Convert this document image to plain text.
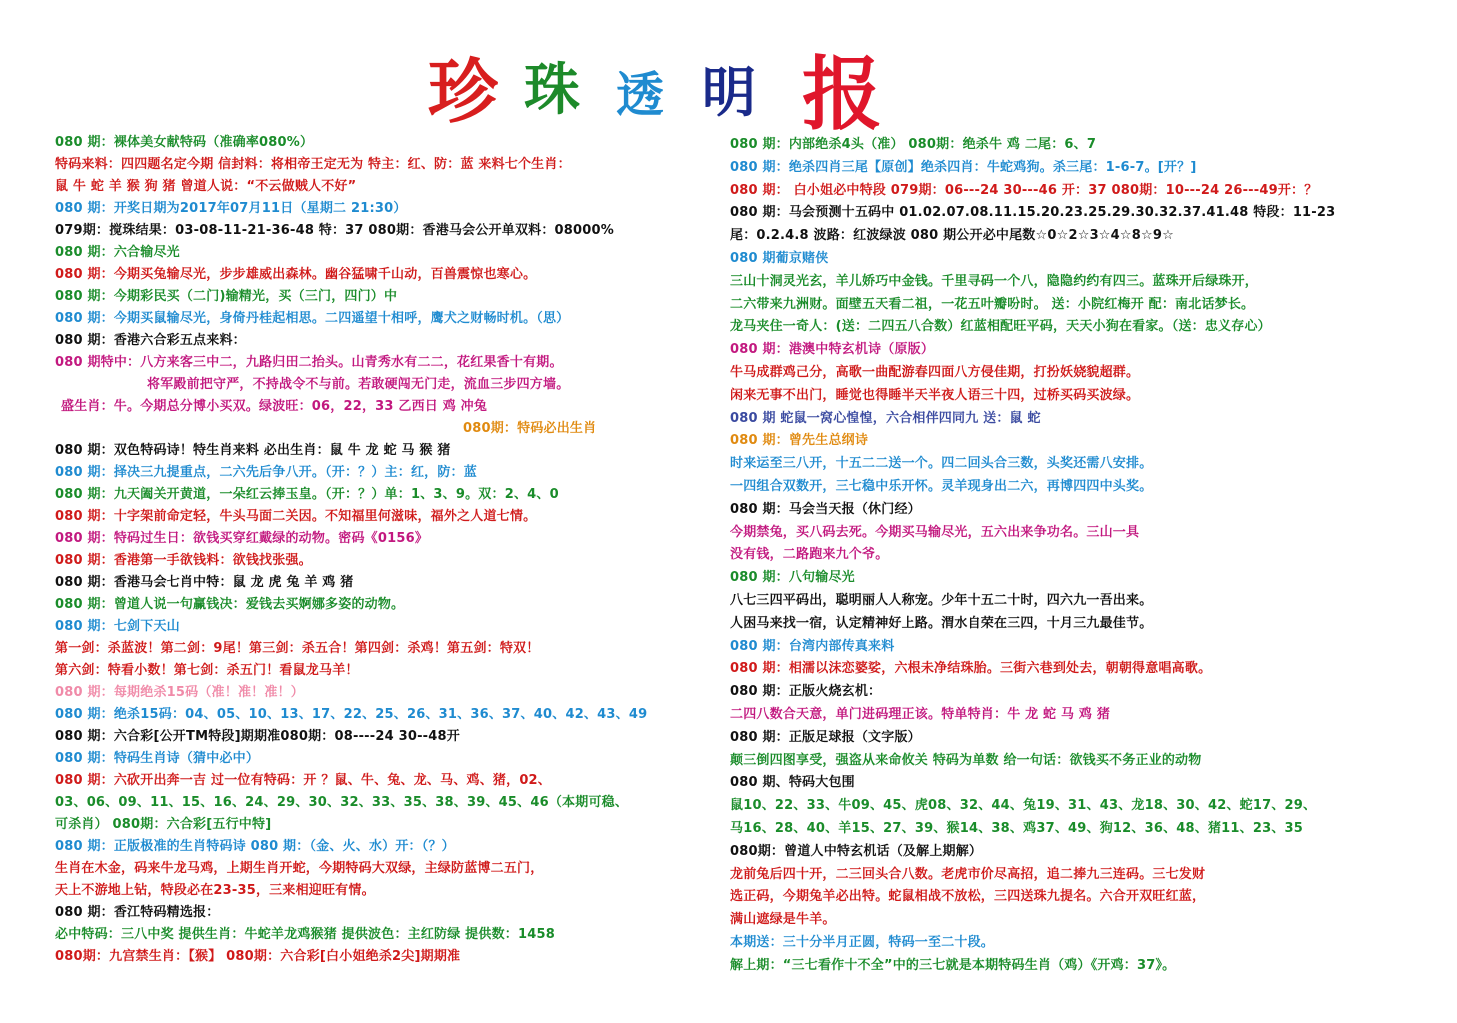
珍 珠 透 明 报
080 期：裸体美女献特码（准确率080%）
特码来料：四四题名定今期 信封料：将相帝王定无为 特主：红、防：蓝 来料七个生肖：
鼠 牛 蛇 羊 猴 狗 猪 曾道人说：“不云做贼人不好”
080 期：开奖日期为2017年07月11日（星期二 21:30）
079期：搅珠结果：03-08-11-21-36-48 特：37 080期：香港马会公开单双料：08000%
080 期：六合输尽光
080 期：今期买兔输尽光，步步雄威出森林。幽谷猛啸千山动，百兽震惊也寒心。
080 期：今期彩民买（二门)输精光，买（三门，四门）中
080 期：今期买鼠输尽光，身倚丹桂起相思。二四遥望十相呼，鹰犬之财畅时机。（思）
080 期：香港六合彩五点来料：
080 期特中：八方来客三中二，九路归田二抬头。山青秀水有二二，花红果香十有期。
将军殿前把守严，不持战令不与前。若敢硬闯无门走，流血三步四方墙。
盛生肖：牛。今期总分博小买双。绿波旺：06，22，33 乙西日 鸡 冲兔
080期：特码必出生肖
080 期：双色特码诗！特生肖来料 必出生肖：鼠 牛 龙 蛇 马 猴 猪
080 期：择决三九提重点，二六先后争八开。（开：？）主：红，防：蓝
080 期：九天阖关开黄道，一朵红云捧玉皇。（开：？）单：1、3、9。双：2、4、0
080 期：十字架前命定轻，牛头马面二关因。不知福里何滋味，福外之人道七情。
080 期：特码过生日：欲钱买穿红戴绿的动物。密码《0156》
080 期：香港第一手欲钱料：欲钱找张强。
080 期：香港马会七肖中特：鼠 龙 虎 兔 羊 鸡 猪
080 期：曾道人说一句赢钱决：爱钱去买婀娜多姿的动物。
080 期：七剑下天山
第一剑：杀蓝波！第二剑：9尾！第三剑：杀五合！第四剑：杀鸡！第五剑：特双！
第六剑：特看小数！第七剑：杀五门！看鼠龙马羊！
080 期：每期绝杀15码（准！准！准！）
080 期：绝杀15码：04、05、10、13、17、22、25、26、31、36、37、40、42、43、49
080 期：六合彩[公开TM特段]期期准080期：08----24 30--48开
080 期：特码生肖诗（猜中必中）
080 期：六砍开出奔一吉 过一位有特码：开 ？鼠、牛、兔、龙、马、鸡、猪，02、
03、06、09、11、15、16、24、29、30、32、33、35、38、39、45、46（本期可稳、
可杀肖） 080期：六合彩[五行中特]
080 期：正版极准的生肖特码诗 080 期：（金、火、水）开：（？）
生肖在木金，码来牛龙马鸡，上期生肖开蛇，今期特码大双绿，主绿防蓝博二五门，
天上不游地上钻，特段必在23-35，三来相迎旺有情。
080 期：香江特码精选报：
必中特码：三八中奖 提供生肖：牛蛇羊龙鸡猴猪 提供波色：主红防绿 提供数：1458
080期：九宫禁生肖：【猴】 080期：六合彩[白小姐绝杀2尖]期期准
080 期：内部绝杀4头（准） 080期：绝杀牛 鸡 二尾：6、7
080 期：绝杀四肖三尾【原创】绝杀四肖：牛蛇鸡狗。杀三尾：1-6-7。[开？]
080 期： 白小姐必中特段 079期：06---24 30---46 开：37 080期：10---24 26---49开：？
080 期：马会预测十五码中 01.02.07.08.11.15.20.23.25.29.30.32.37.41.48 特段：11-23
尾：0.2.4.8 波路：红波绿波 080 期公开必中尾数☆0☆2☆3☆4☆8☆9☆
080 期葡京赌侠
三山十洞灵光玄，羊儿娇巧中金钱。千里寻码一个八，隐隐约约有四三。蓝珠开后绿珠开，
二六带来九洲财。面壁五天看二祖，一花五叶瓣吩时。 送：小院红梅开 配：南北话梦长。
龙马夹住一奇人：(送：二四五八合数）红蓝相配旺平码，天天小狗在看家。（送：忠义存心）
080 期：港澳中特玄机诗（原版）
牛马成群鸡己分，高歌一曲配游春四面八方侵佳期，打扮妖娆貌超群。
闲来无事不出门，睡觉也得睡半天半夜人语三十四，过桥买码买波绿。
080 期 蛇鼠一窝心惶惶，六合相伴四同九 送：鼠 蛇
080 期：曾先生总纲诗
时来运至三八开，十五二二送一个。四二回头合三数，头奖还需八安排。
一四组合双数开，三七稳中乐开怀。灵羊现身出二六，再博四四中头奖。
080 期：马会当天报（休门经）
今期禁兔，买八码去死。今期买马输尽光，五六出来争功名。三山一具
没有钱，二路跑来九个爷。
080 期：八句输尽光
八七三四平码出，聪明丽人人称宠。少年十五二十时，四六九一吾出来。
人困马来找一宿，认定精神好上路。渭水自荣在三四，十月三九最佳节。
080 期：台湾内部传真来料
080 期：相濡以沫恋婆娑，六根未净结珠胎。三街六巷到处去，朝朝得意唱高歌。
080 期：正版火烧玄机：
二四八数合天意，单门进码理正该。特单特肖：牛 龙 蛇 马 鸡 猪
080 期：正版足球报（文字版）
颠三倒四图享受，强盗从来命攸关 特码为单数 给一句话：欲钱买不务正业的动物
080 期、特码大包围
鼠10、22、33、牛09、45、虎08、32、44、兔19、31、43、龙18、30、42、蛇17、29、
马16、28、40、羊15、27、39、猴14、38、鸡37、49、狗12、36、48、猪11、23、35
080期：曾道人中特玄机话（及解上期解）
龙前兔后四十开，二三回头合八数。老虎市价尽高招，追二捧九三连码。三七发财
选正码，今期兔羊必出特。蛇鼠相战不放松，三四送珠九提名。六合开双旺红蓝，
满山遮绿是牛羊。
本期送：三十分半月正圆，特码一至二十段。
解上期：“三七看作十不全”中的三七就是本期特码生肖（鸡）《开鸡：37》。
